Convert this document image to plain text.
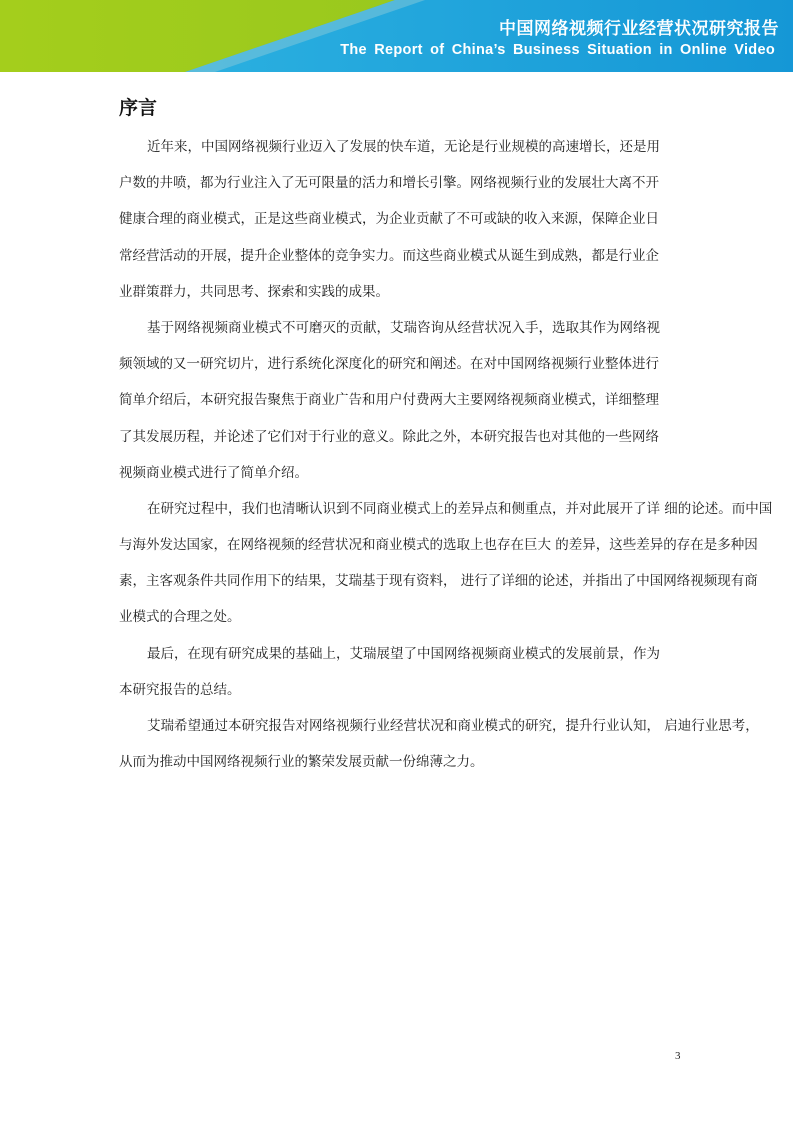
中国网络视频行业经营状况研究报告
The Report of China’s Business Situation in Online Video
序言
近年来，中国网络视频行业迈入了发展的快车道，无论是行业规模的高速增长，还是用
户数的井喷，都为行业注入了无可限量的活力和增长引擎。网络视频行业的发展壮大离不开
健康合理的商业模式，正是这些商业模式，为企业贡献了不可或缺的收入来源，保障企业日
常经营活动的开展，提升企业整体的竞争实力。而这些商业模式从诞生到成熟，都是行业企
业群策群力，共同思考、探索和实践的成果。
基于网络视频商业模式不可磨灭的贡献，艾瑞咨询从经营状况入手，选取其作为网络视
频领域的又一研究切片，进行系统化深度化的研究和阐述。在对中国网络视频行业整体进行
简单介绍后，本研究报告聚焦于商业广告和用户付费两大主要网络视频商业模式，详细整理
了其发展历程，并论述了它们对于行业的意义。除此之外，本研究报告也对其他的一些网络
视频商业模式进行了简单介绍。
在研究过程中，我们也清晰认识到不同商业模式上的差异点和侧重点，并对此展开了详 细的论述。而中国
与海外发达国家，在网络视频的经营状况和商业模式的选取上也存在巨大 的差异，这些差异的存在是多种因
素，主客观条件共同作用下的结果，艾瑞基于现有资料， 进行了详细的论述，并指出了中国网络视频现有商
业模式的合理之处。
最后，在现有研究成果的基础上，艾瑞展望了中国网络视频商业模式的发展前景，作为
本研究报告的总结。
艾瑞希望通过本研究报告对网络视频行业经营状况和商业模式的研究，提升行业认知， 启迪行业思考，
从而为推动中国网络视频行业的繁荣发展贡献一份绵薄之力。
3
